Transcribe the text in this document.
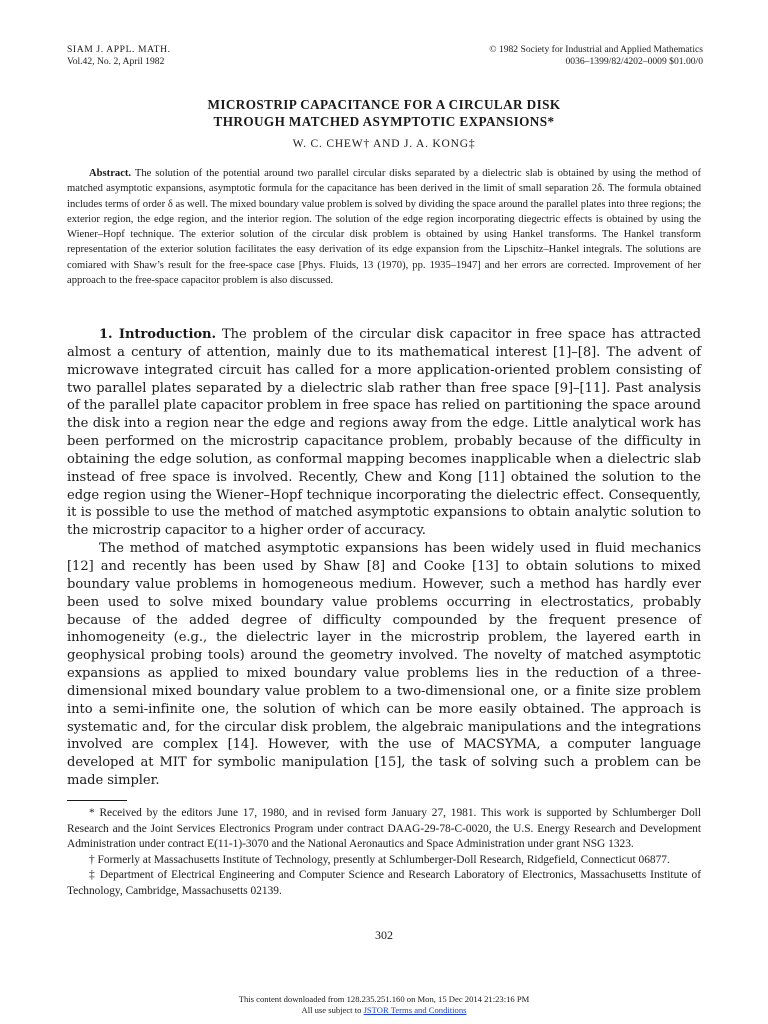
SIAM J. APPL. MATH.
Vol.42, No. 2, April 1982
© 1982 Society for Industrial and Applied Mathematics
0036–1399/82/4202–0009 $01.00/0
MICROSTRIP CAPACITANCE FOR A CIRCULAR DISK
THROUGH MATCHED ASYMPTOTIC EXPANSIONS*
W. C. CHEW† AND J. A. KONG‡
Abstract. The solution of the potential around two parallel circular disks separated by a dielectric slab is obtained by using the method of matched asymptotic expansions, asymptotic formula for the capacitance has been derived in the limit of small separation 2δ. The formula obtained includes terms of order δ as well. The mixed boundary value problem is solved by dividing the space around the parallel plates into three regions; the exterior region, the edge region, and the interior region. The solution of the edge region incorporating diegectric effects is obtained by using the Wiener–Hopf technique. The exterior solution of the circular disk problem is obtained by using Hankel transforms. The Hankel transform representation of the exterior solution facilitates the easy derivation of its edge expansion from the Lipschitz–Hankel integrals. The solutions are comiared with Shaw’s result for the free-space case [Phys. Fluids, 13 (1970), pp. 1935–1947] and her errors are corrected. Improvement of her approach to the free-space capacitor problem is also discussed.

1. Introduction. The problem of the circular disk capacitor in free space has attracted almost a century of attention, mainly due to its mathematical interest [1]–[8]. The advent of microwave integrated circuit has called for a more application-oriented problem consisting of two parallel plates separated by a dielectric slab rather than free space [9]–[11]. Past analysis of the parallel plate capacitor problem in free space has relied on partitioning the space around the disk into a region near the edge and regions away from the edge. Little analytical work has been performed on the microstrip capacitance problem, probably because of the difficulty in obtaining the edge solution, as conformal mapping becomes inapplicable when a dielectric slab instead of free space is involved. Recently, Chew and Kong [11] obtained the solution to the edge region using the Wiener–Hopf technique incorporating the dielectric effect. Consequently, it is possible to use the method of matched asymptotic expansions to obtain analytic solution to the microstrip capacitor to a higher order of accuracy.

The method of matched asymptotic expansions has been widely used in fluid mechanics [12] and recently has been used by Shaw [8] and Cooke [13] to obtain solutions to mixed boundary value problems in homogeneous medium. However, such a method has hardly ever been used to solve mixed boundary value problems occurring in electrostatics, probably because of the added degree of difficulty compounded by the frequent presence of inhomogeneity (e.g., the dielectric layer in the microstrip problem, the layered earth in geophysical probing tools) around the geometry involved. The novelty of matched asymptotic expansions as applied to mixed boundary value problems lies in the reduction of a three-dimensional mixed boundary value problem to a two-dimensional one, or a finite size problem into a semi-infinite one, the solution of which can be more easily obtained. The approach is systematic and, for the circular disk problem, the algebraic manipulations and the integrations involved are complex [14]. However, with the use of MACSYMA, a computer language developed at MIT for symbolic manipulation [15], the task of solving such a problem can be made simpler.

* Received by the editors June 17, 1980, and in revised form January 27, 1981. This work is supported by Schlumberger Doll Research and the Joint Services Electronics Program under contract DAAG-29-78-C-0020, the U.S. Energy Research and Development Administration under contract E(11-1)-3070 and the National Aeronautics and Space Administration under grant NSG 1323.

† Formerly at Massachusetts Institute of Technology, presently at Schlumberger-Doll Research, Ridgefield, Connecticut 06877.

‡ Department of Electrical Engineering and Computer Science and Research Laboratory of Electronics, Massachusetts Institute of Technology, Cambridge, Massachusetts 02139.

302
This content downloaded from 128.235.251.160 on Mon, 15 Dec 2014 21:23:16 PM
All use subject to JSTOR Terms and Conditions
